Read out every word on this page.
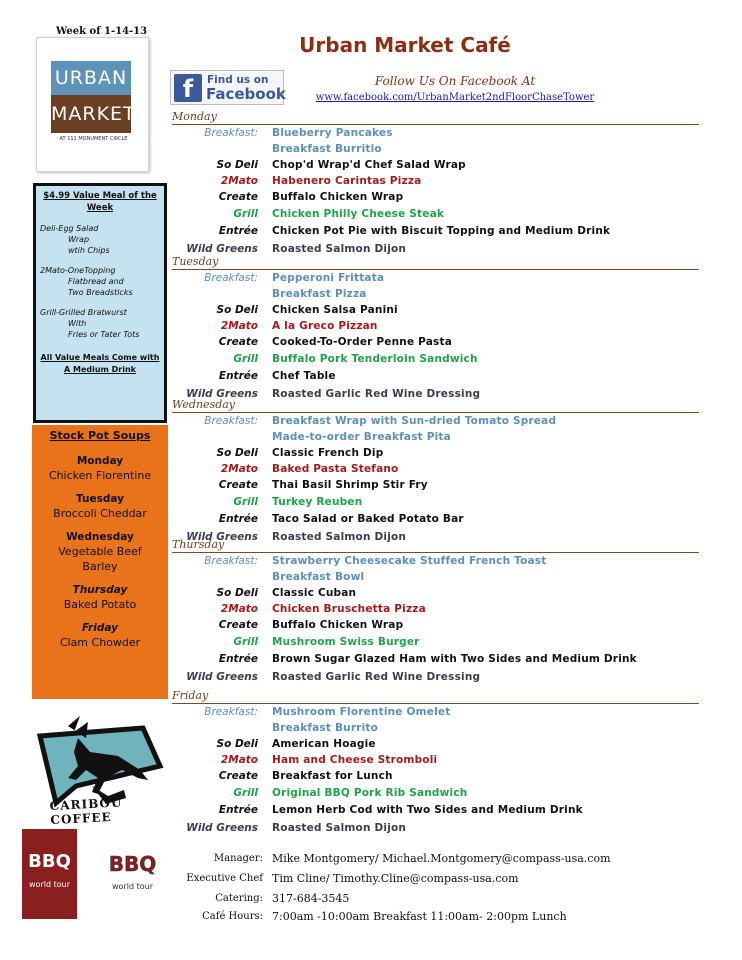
Week of 1-14-13
URBAN
MARKET
AT 111 MONUMENT CIRCLE
$4.99 Value Meal of the Week
Deli-Egg Salad
Wrap
wtih Chips
2Mato-OneTopping
Flatbread and
Two Breadsticks
Grill-Grilled Bratwurst
With
Fries or Tater Tots
All Value Meals Come with A Medium Drink
Stock Pot Soups
Monday
Chicken Florentine
Tuesday
Broccoli Cheddar
Wednesday
Vegetable Beef Barley
Thursday
Baked Potato
Friday
Clam Chowder
CARIBOU COFFEE
BBQ
world tour
BBQ
world tour
Urban Market Café
f	Find us on
Facebook
Follow Us On Facebook At
www.facebook.com/UrbanMarket2ndFloorChaseTower
Monday
Breakfast: Blueberry Pancakes
Breakfast Burritio
So Deli Chop'd Wrap'd Chef Salad Wrap
2Mato Habenero Carintas Pizza
Create Buffalo Chicken Wrap
Grill Chicken Philly Cheese Steak
Entrée Chicken Pot Pie with Biscuit Topping and Medium Drink
Wild Greens Roasted Salmon Dijon
Tuesday
Breakfast: Pepperoni Frittata
Breakfast Pizza
So Deli Chicken Salsa Panini
2Mato A la Greco Pizzan
Create Cooked-To-Order Penne Pasta
Grill Buffalo Pork Tenderloin Sandwich
Entrée Chef Table
Wild Greens Roasted Garlic Red Wine Dressing
Wednesday
Breakfast: Breakfast Wrap with Sun-dried Tomato Spread
Made-to-order Breakfast Pita
So Deli Classic French Dip
2Mato Baked Pasta Stefano
Create Thai Basil Shrimp Stir Fry
Grill Turkey Reuben
Entrée Taco Salad or Baked Potato Bar
Wild Greens Roasted Salmon Dijon
Thursday
Breakfast: Strawberry Cheesecake Stuffed French Toast
Breakfast Bowl
So Deli Classic Cuban
2Mato Chicken Bruschetta Pizza
Create Buffalo Chicken Wrap
Grill Mushroom Swiss Burger
Entrée Brown Sugar Glazed Ham with Two Sides and Medium Drink
Wild Greens Roasted Garlic Red Wine Dressing
Friday
Breakfast: Mushroom Florentine Omelet
Breakfast Burrito
So Deli American Hoagie
2Mato Ham and Cheese Stromboli
Create Breakfast for Lunch
Grill Original BBQ Pork Rib Sandwich
Entrée Lemon Herb Cod with Two Sides and Medium Drink
Wild Greens Roasted Salmon Dijon
Manager: Mike Montgomery/ Michael.Montgomery@compass-usa.com
Executive Chef Tim Cline/ Timothy.Cline@compass-usa.com
Catering: 317-684-3545
Café Hours: 7:00am -10:00am Breakfast 11:00am- 2:00pm Lunch
